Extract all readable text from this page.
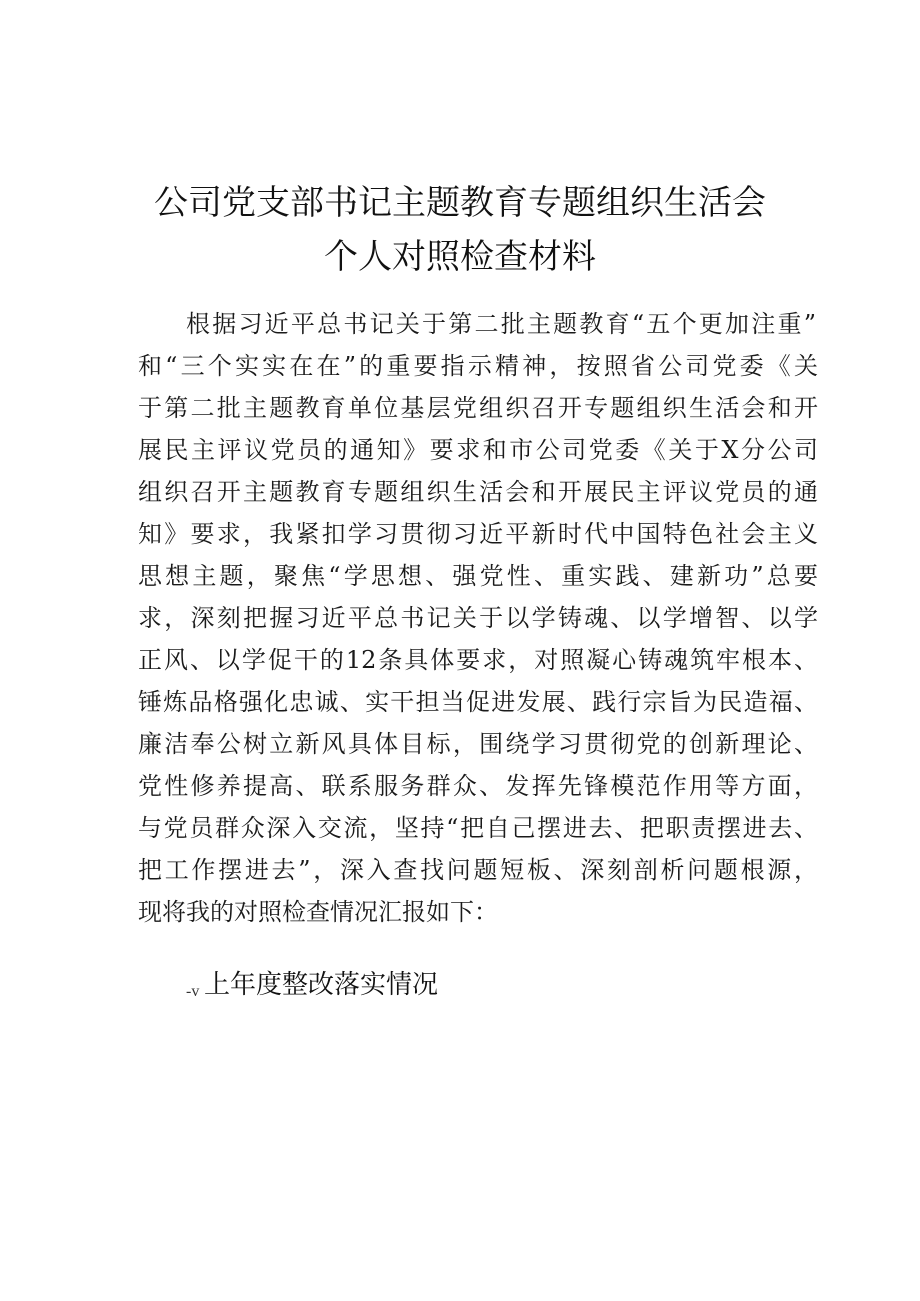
公司党支部书记主题教育专题组织生活会
个人对照检查材料
根据习近平总书记关于第二批主题教育“五个更加注重”
和“三个实实在在”的重要指示精神，按照省公司党委《关
于第二批主题教育单位基层党组织召开专题组织生活会和开
展民主评议党员的通知》要求和市公司党委《关于X分公司
组织召开主题教育专题组织生活会和开展民主评议党员的通
知》要求，我紧扣学习贯彻习近平新时代中国特色社会主义
思想主题，聚焦“学思想、强党性、重实践、建新功”总要
求，深刻把握习近平总书记关于以学铸魂、以学增智、以学
正风、以学促干的12条具体要求，对照凝心铸魂筑牢根本、
锤炼品格强化忠诚、实干担当促进发展、践行宗旨为民造福、
廉洁奉公树立新风具体目标，围绕学习贯彻党的创新理论、
党性修养提高、联系服务群众、发挥先锋模范作用等方面，
与党员群众深入交流，坚持“把自己摆进去、把职责摆进去、
把工作摆进去”，深入查找问题短板、深刻剖析问题根源，
现将我的对照检查情况汇报如下：
-v 上年度整改落实情况
